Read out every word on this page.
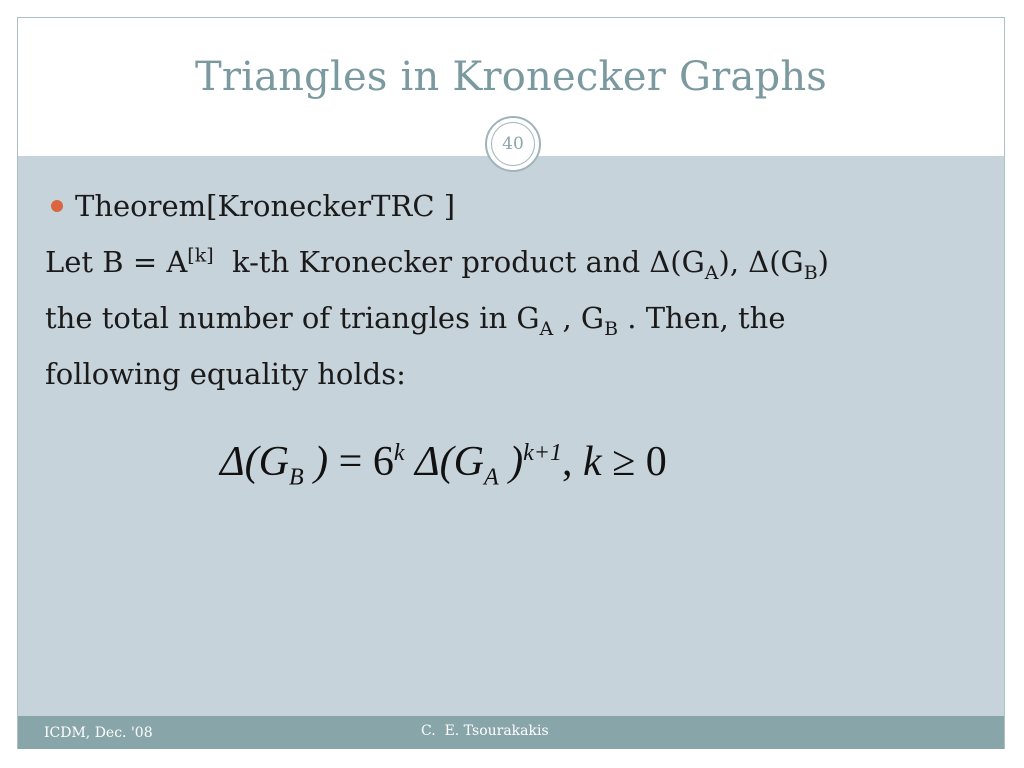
Triangles in Kronecker Graphs
40
Theorem[KroneckerTRC ]
Let B = A[k]  k-th Kronecker product and $\Delta(G_A)$, $\Delta(G_B)$
the total number of triangles in $G_A$ , $G_B$ . Then, the
following equality holds:
$\Delta(G_B$ ) = $6^k$ $\Delta(G_A$ )$^{k+1}$, k ≥ 0
ICDM, Dec. '08	C.  E. Tsourakakis
